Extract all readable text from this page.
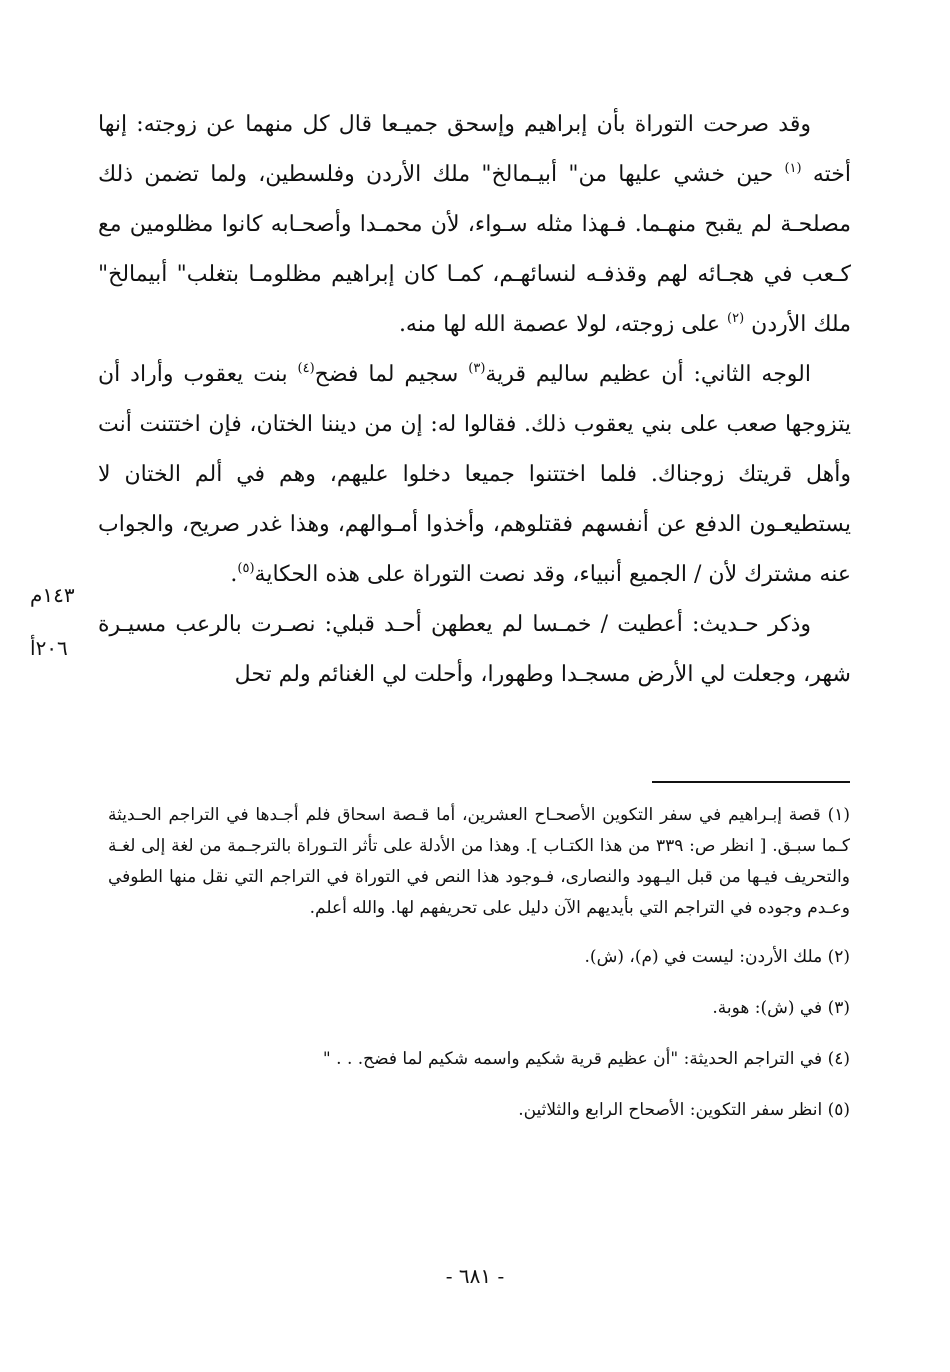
وقد صرحت التوراة بأن إبراهيم وإسحق جميـعا قال كل منهما عن زوجته: إنها أخته $^{(١)}$ حين خشي عليها من" أبيـمالخ" ملك الأردن وفلسطين، ولما تضمن ذلك مصلحـة لم يقبح منهـما. فـهذا مثله سـواء، لأن محمـدا وأصحـابه كانوا مظلومين مع كـعب في هجـائه لهم وقذفـه لنسائهـم، كمـا كان إبراهيم مظلومـا بتغلب" أبيمالخ" ملك الأردن $^{(٢)}$ على زوجته، لولا عصمة الله لها منه.

الوجه الثاني: أن عظيم ساليم قرية$^{(٣)}$ سجيم لما فضح$^{(٤)}$ بنت يعقوب وأراد أن يتزوجها صعب على بني يعقوب ذلك. فقالوا له: إن من ديننا الختان، فإن اختتنت أنت وأهل قريتك زوجناك. فلما اختتنوا جميعا دخلوا عليهم، وهم في ألم الختان لا يستطيعـون الدفع عن أنفسهم فقتلوهم، وأخذوا أمـوالهم، وهذا غدر صريح، والجواب عنه مشترك لأن / الجميع أنبياء، وقد نصت التوراة على هذه الحكاية$^{(٥)}$.

وذكر حـديث: أعطيت / خمـسا لم يعطهن أحـد قبلي: نصـرت بالرعب مسيـرة شهر، وجعلت لي الأرض مسجـدا وطهورا، وأحلت لي الغنائم ولم تحل

١٤٣م
٢٠٦أ

(١) قصة إبـراهيم في سفر التكوين الأصحـاح العشرين، أما قـصة اسحاق فلم أجـدها في التراجم الحـديثة كـما سبـق. [ انظر ص: ٣٣٩ من هذا الكتـاب ]. وهذا من الأدلة على تأثر التـوراة بالترجـمة من لغة إلى لغـة والتحريف فيـها من قبل اليـهود والنصارى، فـوجود هذا النص في التوراة في التراجم التي نقل منها الطوفي وعـدم وجوده في التراجم التي بأيديهم الآن دليل على تحريفهم لها. والله أعلم.

(٢) ملك الأردن: ليست في (م)، (ش).

(٣) في (ش): هوبة.

(٤) في التراجم الحديثة: "أن عظيم قرية شكيم واسمه شكيم لما فضح. . . "

(٥) انظر سفر التكوين: الأصحاح الرابع والثلاثين.

- ٦٨١ -
